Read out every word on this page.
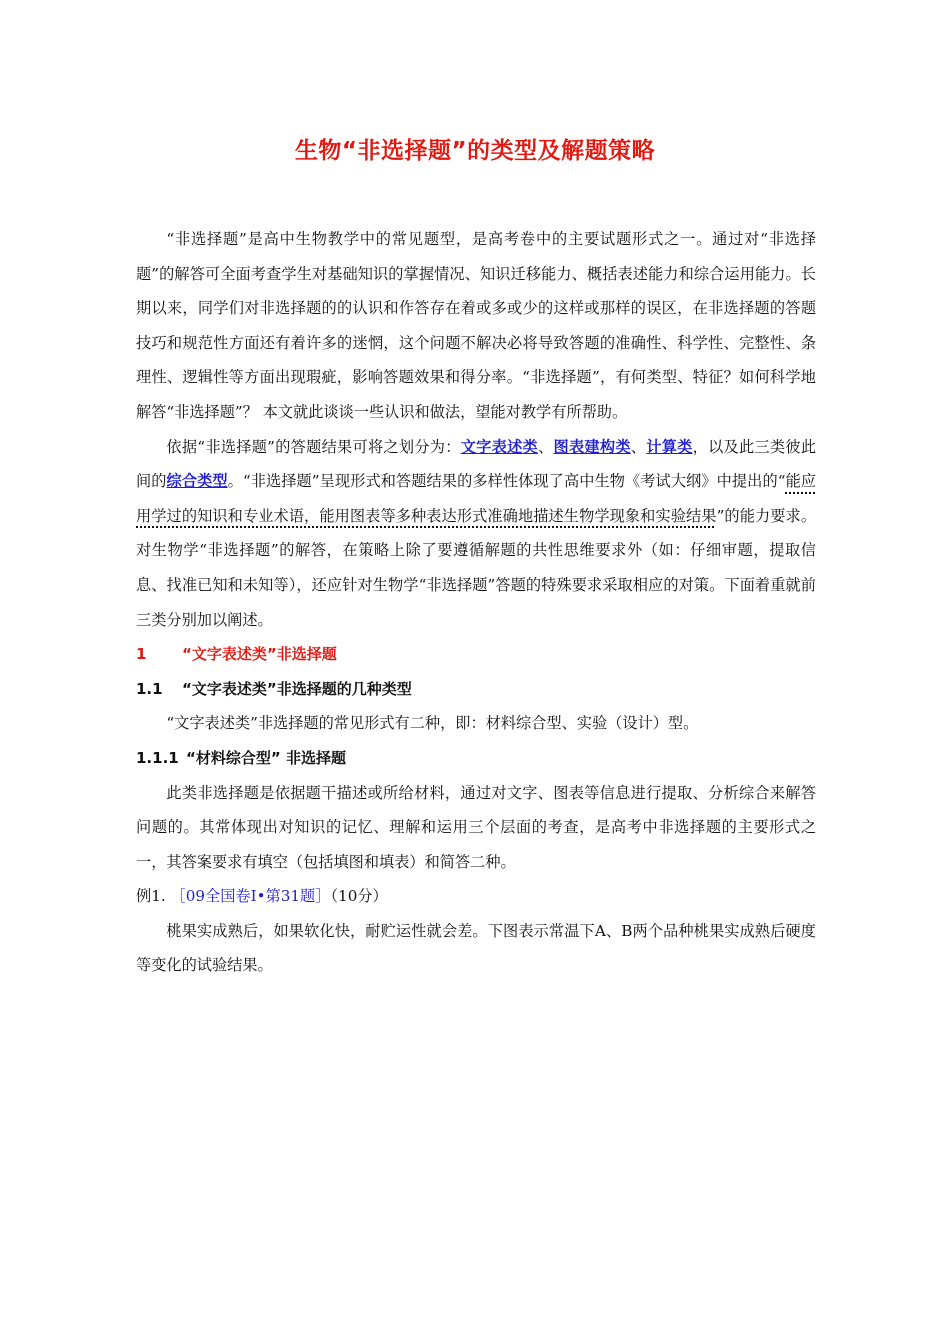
生物“非选择题”的类型及解题策略

“非选择题”是高中生物教学中的常见题型，是高考卷中的主要试题形式之一。通过对“非选择题”的解答可全面考查学生对基础知识的掌握情况、知识迁移能力、概括表述能力和综合运用能力。长期以来，同学们对非选择题的的认识和作答存在着或多或少的这样或那样的误区，在非选择题的答题技巧和规范性方面还有着许多的迷惘，这个问题不解决必将导致答题的准确性、科学性、完整性、条理性、逻辑性等方面出现瑕疵，影响答题效果和得分率。“非选择题”，有何类型、特征？如何科学地解答“非选择题”？ 本文就此谈谈一些认识和做法，望能对教学有所帮助。

依据“非选择题”的答题结果可将之划分为：文字表述类、图表建构类、计算类，以及此三类彼此间的综合类型。“非选择题”呈现形式和答题结果的多样性体现了高中生物《考试大纲》中提出的“能应用学过的知识和专业术语，能用图表等多种表达形式准确地描述生物学现象和实验结果”的能力要求。对生物学“非选择题”的解答，在策略上除了要遵循解题的共性思维要求外（如：仔细审题，提取信息、找准已知和未知等），还应针对生物学“非选择题”答题的特殊要求采取相应的对策。下面着重就前三类分别加以阐述。

1 “文字表述类”非选择题

1.1 “文字表述类”非选择题的几种类型

“文字表述类”非选择题的常见形式有二种，即：材料综合型、实验（设计）型。

1.1.1 “材料综合型” 非选择题

此类非选择题是依据题干描述或所给材料，通过对文字、图表等信息进行提取、分析综合来解答问题的。其常体现出对知识的记忆、理解和运用三个层面的考查，是高考中非选择题的主要形式之一，其答案要求有填空（包括填图和填表）和简答二种。

例1. ［09全国卷Ⅰ•第31题］（10分）

桃果实成熟后，如果软化快，耐贮运性就会差。下图表示常温下A、B两个品种桃果实成熟后硬度等变化的试验结果。
